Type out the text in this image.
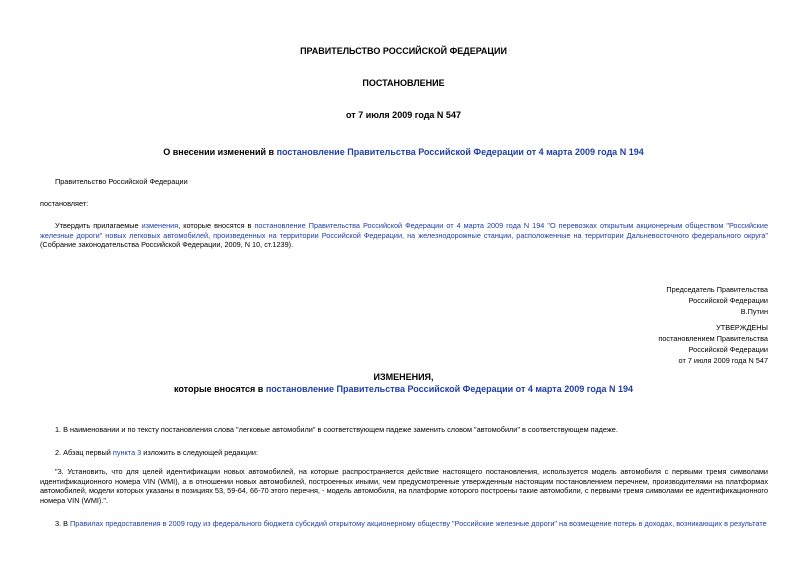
ПРАВИТЕЛЬСТВО РОССИЙСКОЙ ФЕДЕРАЦИИ
ПОСТАНОВЛЕНИЕ
от 7 июля 2009 года N 547
О внесении изменений в постановление Правительства Российской Федерации от 4 марта 2009 года N 194
Правительство Российской Федерации
постановляет:
Утвердить прилагаемые изменения, которые вносятся в постановление Правительства Российской Федерации от 4 марта 2009 года N 194 "О перевозках открытым акционерным обществом "Российские железные дороги" новых легковых автомобилей, произведенных на территории Российской Федерации, на железнодорожные станции, расположенные на территории Дальневосточного федерального округа" (Собрание законодательства Российской Федерации, 2009, N 10, ст.1239).
Председатель Правительства
Российской Федерации
В.Путин
УТВЕРЖДЕНЫ
постановлением Правительства
Российской Федерации
от 7 июля 2009 года N 547
ИЗМЕНЕНИЯ,
которые вносятся в постановление Правительства Российской Федерации от 4 марта 2009 года N 194
1. В наименовании и по тексту постановления слова "легковые автомобили" в соответствующем падеже заменить словом "автомобили" в соответствующем падеже.
2. Абзац первый пункта 3 изложить в следующей редакции:
"3. Установить, что для целей идентификации новых автомобилей, на которые распространяется действие настоящего постановления, используется модель автомобиля с первыми тремя символами идентификационного номера VIN (WMI), а в отношении новых автомобилей, построенных иными, чем предусмотренные утвержденным настоящим постановлением перечнем, производителями на платформах автомобилей, модели которых указаны в позициях 53, 59-64, 66-70 этого перечня, - модель автомобиля, на платформе которого построены такие автомобили, с первыми тремя символами ее идентификационного номера VIN (WMI).".
3. В Правилах предоставления в 2009 году из федерального бюджета субсидий открытому акционерному обществу "Российские железные дороги" на возмещение потерь в доходах, возникающих в результате
